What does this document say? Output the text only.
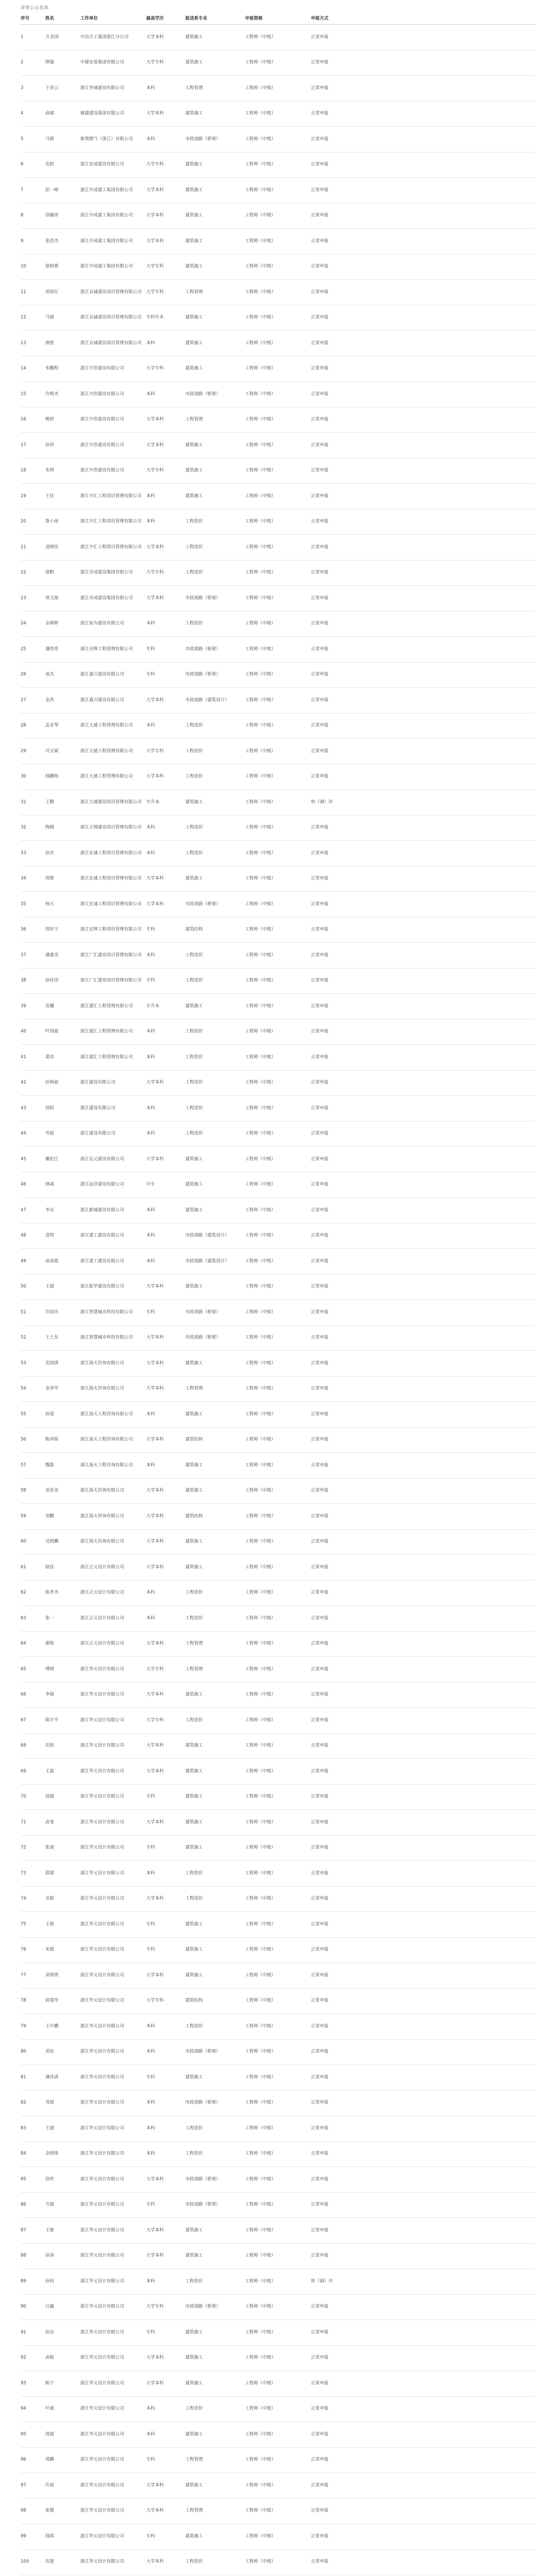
评审公示名单
序号	姓名	工作单位	最高学历	报送系专业	申报资格	申报方式
1	方圣国	中冶天工集团浙江分公司	大学本科	建筑施工	工程师（中级）	正常申报
2	缪强	中建安装集团有限公司	大学专科	建筑施工	工程师（中级）	正常申报
3	王贵云	浙江华城建设有限公司	本科	工程管理	工程师（中级）	正常申报
4	俞斌	敏捷建设集团有限公司	大学本科	建筑施工	工程师（中级）	正常申报
5	马毅	新奥燃气（浙江）有限公司	本科	市政道路（桥梁）	工程师（中级）	正常申报
6	沈阳	浙江宏成建设有限公司	大学专科	建筑施工	工程师（中级）	正常申报
7	彭一峰	浙江中成建工集团有限公司	大学本科	建筑施工	工程师（中级）	正常申报
8	徐佩珍	浙江中成建工集团有限公司	大学本科	建筑施工	工程师（中级）	正常申报
9	张浩杰	浙江中成建工集团有限公司	大学本科	建筑施工	工程师（中级）	正常申报
10	骆晓燕	浙江中成建工集团有限公司	大学专科	建筑施工	工程师（中级）	正常申报
11	胡景红	浙江众诚建设项目管理有限公司	大学专科	工程管理	工程师（中级）	正常申报
12	马超	浙江众诚建设项目管理有限公司	专科升本	建筑施工	工程师（中级）	正常申报
13	唐胜	浙江众诚建设项目管理有限公司	本科	建筑施工	工程师（中级）	正常申报
14	朱鹏程	浙江中浩建设有限公司	大学专科	建筑施工	工程师（中级）	正常申报
15	许斯杰	浙江中浩建设有限公司	本科	市政道路（桥梁）	工程师（中级）	正常申报
16	姚婷	浙江中浩建设有限公司	大学本科	工程管理	工程师（中级）	正常申报
17	孙伟	浙江中浩建设有限公司	大学本科	建筑施工	工程师（中级）	正常申报
18	朱明	浙江中浩建设有限公司	大学专科	建筑施工	工程师（中级）	正常申报
19	王佳	浙江中汇工程项目管理有限公司	本科	建筑施工	工程师（中级）	正常申报
20	鲁小雨	浙江中汇工程项目管理有限公司	本科	工程造价	工程师（中级）	正常申报
21	凌晓佳	浙江中汇工程项目管理有限公司	大学本科	工程造价	工程师（中级）	正常申报
22	邵帆	浙江卓成建设集团有限公司	大学专科	工程造价	工程师（中级）	正常申报
23	郑文俊	浙江卓成建设集团有限公司	大学本科	市政道路（桥梁）	工程师（中级）	正常申报
24	金朝晖	浙江知为建设有限公司	本科	工程造价	工程师（中级）	正常申报
25	潘伟男	浙江卓辉工程管理有限公司	专科	市政道路（桥梁）	工程师（中级）	正常申报
26	成杰	浙江嘉兴建设有限公司	专科	市政道路（桥梁）	工程师（中级）	正常申报
27	金洪	浙江嘉兴建设有限公司	大学本科	市政道路（建筑设计）	工程师（中级）	正常申报
28	孟亚琴	浙江大通工程管理有限公司	本科	工程造价	工程师（中级）	正常申报
29	冯文斌	浙江大通工程管理有限公司	大学专科	工程造价	工程师（中级）	正常申报
30	钱鹏杨	浙江大通工程管理有限公司	大学本科	工程造价	工程师（中级）	正常申报
31	王勤	浙江大通建设项目管理有限公司	专升本	建筑施工	工程师（中级）	转（调）评
32	陶越	浙江天翔建设项目管理有限公司	本科	工程造价	工程师（中级）	正常申报
33	孙杰	浙江宏诚工程项目管理有限公司	本科	工程造价	工程师（中级）	正常申报
34	周维	浙江宏诚工程项目管理有限公司	大学本科	建筑施工	工程师（中级）	正常申报
35	杨天	浙江宏诚工程项目管理有限公司	大学本科	市政道路（桥梁）	工程师（中级）	正常申报
36	周旺宁	浙江宏辉工程项目管理有限公司	专科	建筑结构	工程师（中级）	正常申报
37	潘嘉杰	浙江广汇建设项目管理有限公司	本科	工程造价	工程师（中级）	正常申报
38	孙佳伟	浙江广汇建设项目管理有限公司	专科	工程造价	工程师（中级）	正常申报
39	沈曦	浙江建汇工程管理有限公司	专升本	建筑施工	工程师（中级）	正常申报
40	叶国豪	浙江建汇工程管理有限公司	本科	工程造价	工程师（中级）	正常申报
41	葛伟	浙江建汇工程管理有限公司	本科	工程造价	工程师（中级）	正常申报
42	孙杨丽	浙江建设有限公司	大学本科	工程造价	工程师（中级）	正常申报
43	徐阳	浙江建设有限公司	本科	工程造价	工程师（中级）	正常申报
44	岑晨	浙江建设有限公司	本科	工程造价	工程师（中级）	正常申报
45	戴松江	浙江弘元建设有限公司	大学本科	建筑施工	工程师（中级）	正常申报
46	林斌	浙江远洋建设有限公司	中专	建筑施工	工程师（中级）	正常申报
47	李达	浙江新城建设有限公司	本科	建筑施工	工程师（中级）	正常申报
48	袁明	浙江建工建设有限公司	本科	市政道路（建筑设计）	工程师（中级）	正常申报
49	俞成霞	浙江建工建设有限公司	本科	市政道路（建筑设计）	工程师（中级）	正常申报
50	王超	浙江振华建设有限公司	大学本科	建筑施工	工程师（中级）	正常申报
51	许国庆	浙江智慧城市科技有限公司	专科	市政道路（桥梁）	工程师（中级）	正常申报
52	王土东	浙江智慧城市科技有限公司	大学本科	市政道路（桥梁）	工程师（中级）	正常申报
53	沈国清	浙江海天咨询有限公司	大学本科	建筑施工	工程师（中级）	正常申报
54	金泽华	浙江海天咨询有限公司	大学本科	工程管理	工程师（中级）	正常申报
55	孙莲	浙江海天工程咨询有限公司	本科	建筑施工	工程师（中级）	正常申报
56	陈泽锐	浙江海天工程咨询有限公司	大学本科	建筑结构	工程师（中级）	正常申报
57	魏磊	浙江海天工程咨询有限公司	本科	建筑施工	工程师（中级）	正常申报
58	刘亚亚	浙江海天咨询有限公司	大学本科	建筑施工	工程师（中级）	正常申报
59	刘鹏	浙江海天咨询有限公司	大学本科	建筑结构	工程师（中级）	正常申报
60	吴晓鹏	浙江海天咨询有限公司	大学本科	建筑施工	工程师（中级）	正常申报
61	陆佳	浙江正元设计有限公司	大学本科	建筑施工	工程师（中级）	正常申报
62	陈孝杰	浙江正元设计有限公司	本科	工程造价	工程师（中级）	正常申报
63	张一	浙江正元设计有限公司	本科	工程造价	工程师（中级）	正常申报
64	谢俊	浙江正元设计有限公司	大学本科	工程管理	工程师（中级）	正常申报
65	傅晴	浙江华元设计有限公司	大学专科	工程管理	工程师（中级）	正常申报
66	李超	浙江华元设计有限公司	大学本科	建筑施工	工程师（中级）	正常申报
67	陈宇平	浙江华元设计有限公司	大学专科	工程造价	工程师（中级）	正常申报
68	沈航	浙江华元设计有限公司	大学本科	建筑施工	工程师（中级）	正常申报
69	王磊	浙江华元设计有限公司	大学本科	建筑施工	工程师（中级）	正常申报
70	徐超	浙江华元设计有限公司	专科	建筑施工	工程师（中级）	正常申报
71	俞斐	浙江华元设计有限公司	大学本科	建筑施工	工程师（中级）	正常申报
72	张迪	浙江华元设计有限公司	专科	建筑施工	工程师（中级）	正常申报
73	郭超	浙江华元设计有限公司	本科	工程造价	工程师（中级）	正常申报
74	金振	浙江华元设计有限公司	大学本科	工程造价	工程师（中级）	正常申报
75	王俊	浙江华元设计有限公司	专科	建筑施工	工程师（中级）	正常申报
76	宋超	浙江华元设计有限公司	专科	建筑施工	工程师（中级）	正常申报
77	刘倩倩	浙江华元设计有限公司	大学本科	建筑施工	工程师（中级）	正常申报
78	郭强华	浙江华元设计有限公司	大学专科	建筑结构	工程师（中级）	正常申报
79	王中鹏	浙江华元设计有限公司	本科	工程造价	工程师（中级）	正常申报
80	刘佳	浙江华元设计有限公司	本科	市政道路（桥梁）	工程师（中级）	正常申报
81	潘伟清	浙江华元设计有限公司	专科	建筑施工	工程师（中级）	正常申报
82	邓超	浙江华元设计有限公司	本科	市政道路（桥梁）	工程师（中级）	正常申报
83	王超	浙江华元设计有限公司	本科	工程造价	工程师（中级）	正常申报
84	余晓锋	浙江华元设计有限公司	本科	工程造价	工程师（中级）	正常申报
85	徐彤	浙江华元设计有限公司	大学本科	市政道路（桥梁）	工程师（中级）	正常申报
86	方超	浙江华元设计有限公司	专科	市政道路（桥梁）	工程师（中级）	正常申报
87	王敏	浙江华元设计有限公司	大学本科	建筑施工	工程师（中级）	正常申报
88	孙涛	浙江华元设计有限公司	大学本科	建筑施工	工程师（中级）	正常申报
89	孙权	浙江华元设计有限公司	本科	工程造价	工程师（中级）	转（调）评
90	汪鑫	浙江华元设计有限公司	大学专科	市政道路（桥梁）	工程师（中级）	正常申报
91	孙洁	浙江华元设计有限公司	专科	建筑施工	工程师（中级）	正常申报
92	俞振	浙江华元设计有限公司	大学本科	建筑施工	工程师（中级）	正常申报
93	陈宁	浙江华元设计有限公司	大学本科	建筑施工	工程师（中级）	正常申报
94	叶斌	浙江华元设计有限公司	本科	工程造价	工程师（中级）	正常申报
95	周超	浙江华元设计有限公司	本科	建筑施工	工程师（中级）	正常申报
96	郑鹏	浙江华元设计有限公司	专科	工程管理	工程师（中级）	正常申报
97	许晨	浙江华元设计有限公司	大学本科	建筑施工	工程师（中级）	正常申报
98	张健	浙江华元设计有限公司	大学本科	工程管理	工程师（中级）	正常申报
99	钱琪	浙江华元设计有限公司	专科	建筑施工	工程师（中级）	正常申报
100	沈超	浙江华元设计有限公司	大学本科	工程造价	工程师（中级）	正常申报
